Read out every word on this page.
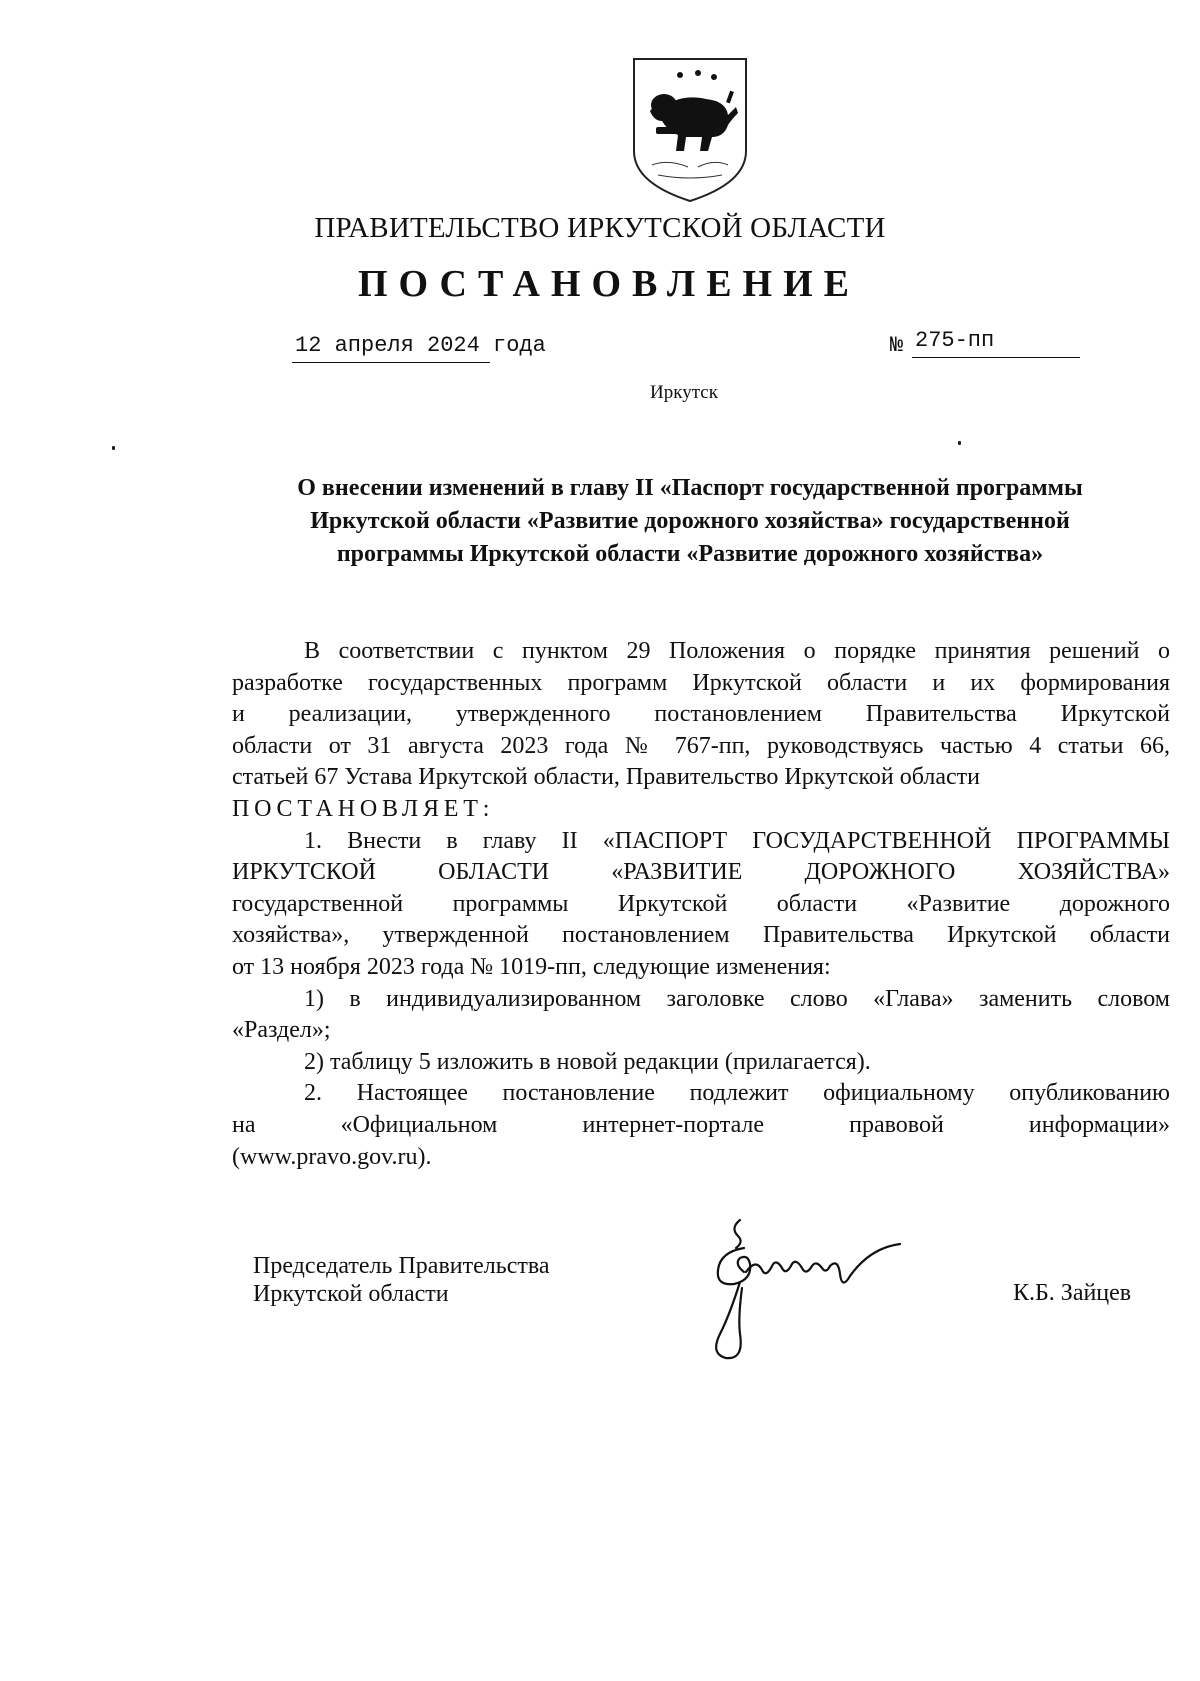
ПРАВИТЕЛЬСТВО ИРКУТСКОЙ ОБЛАСТИ
ПОСТАНОВЛЕНИЕ
12 апреля 2024 года	№ 275-пп
Иркутск
О внесении изменений в главу II «Паспорт государственной программы
Иркутской области «Развитие дорожного хозяйства» государственной
программы Иркутской области «Развитие дорожного хозяйства»
В соответствии с пунктом 29 Положения о порядке принятия решений о
разработке государственных программ Иркутской области и их формирования
и реализации, утвержденного постановлением Правительства Иркутской
области от 31 августа 2023 года № 767-пп, руководствуясь частью 4 статьи 66,
статьей 67 Устава Иркутской области, Правительство Иркутской области
ПОСТАНОВЛЯЕТ:
1. Внести в главу II «ПАСПОРТ ГОСУДАРСТВЕННОЙ ПРОГРАММЫ
ИРКУТСКОЙ ОБЛАСТИ «РАЗВИТИЕ ДОРОЖНОГО ХОЗЯЙСТВА»
государственной программы Иркутской области «Развитие дорожного
хозяйства», утвержденной постановлением Правительства Иркутской области
от 13 ноября 2023 года № 1019-пп, следующие изменения:
1) в индивидуализированном заголовке слово «Глава» заменить словом
«Раздел»;
2) таблицу 5 изложить в новой редакции (прилагается).
2. Настоящее постановление подлежит официальному опубликованию
на «Официальном интернет-портале правовой информации»
(www.pravo.gov.ru).
Председатель Правительства
Иркутской области	К.Б. Зайцев
